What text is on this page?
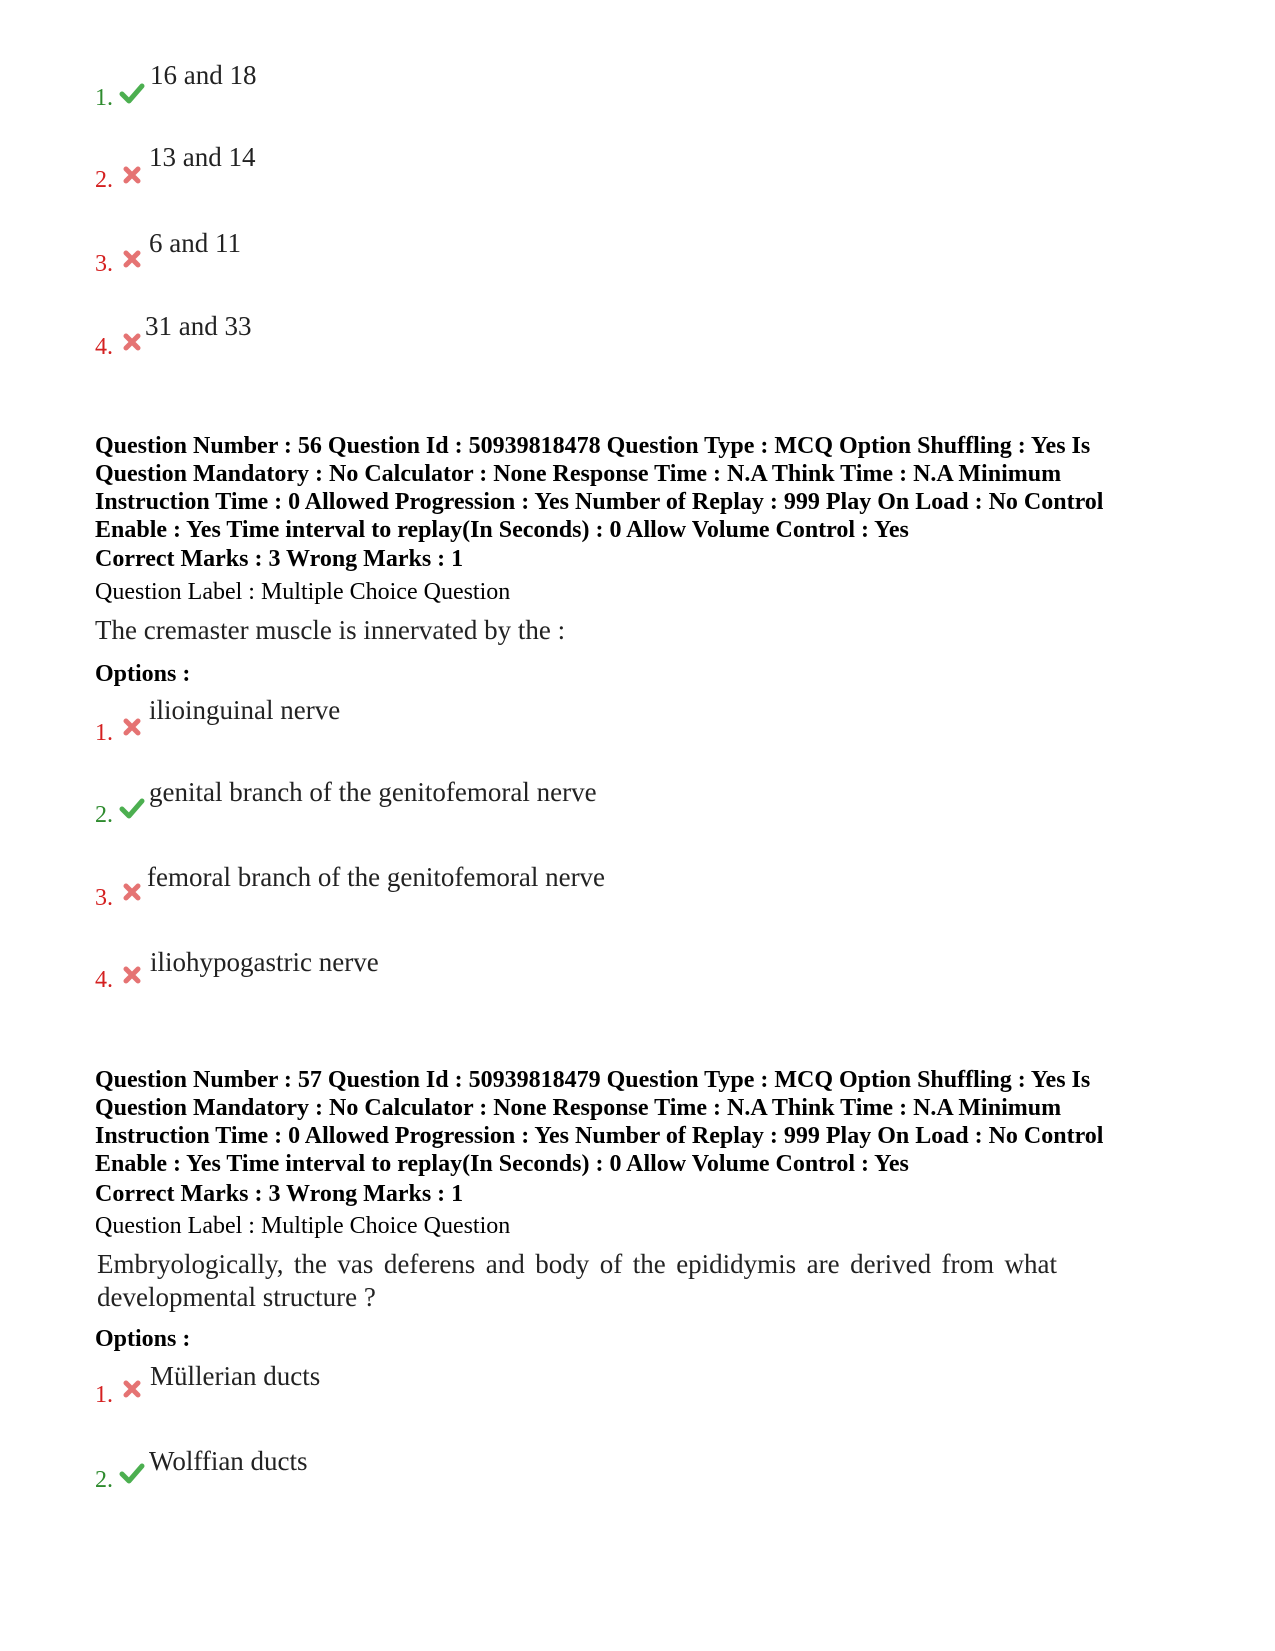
1.
16 and 18
2.
13 and 14
3.
6 and 11
4.
31 and 33
Question Number : 56 Question Id : 50939818478 Question Type : MCQ Option Shuffling : Yes Is
Question Mandatory : No Calculator : None Response Time : N.A Think Time : N.A Minimum
Instruction Time : 0 Allowed Progression : Yes Number of Replay : 999 Play On Load : No Control
Enable : Yes Time interval to replay(In Seconds) : 0 Allow Volume Control : Yes
Correct Marks : 3 Wrong Marks : 1
Question Label : Multiple Choice Question
The cremaster muscle is innervated by the :
Options :
1.
ilioinguinal nerve
2.
genital branch of the genitofemoral nerve
3.
femoral branch of the genitofemoral nerve
4.
iliohypogastric nerve
Question Number : 57 Question Id : 50939818479 Question Type : MCQ Option Shuffling : Yes Is
Question Mandatory : No Calculator : None Response Time : N.A Think Time : N.A Minimum
Instruction Time : 0 Allowed Progression : Yes Number of Replay : 999 Play On Load : No Control
Enable : Yes Time interval to replay(In Seconds) : 0 Allow Volume Control : Yes
Correct Marks : 3 Wrong Marks : 1
Question Label : Multiple Choice Question
Embryologically, the vas deferens and body of the epididymis are derived from what
developmental structure ?
Options :
1.
Müllerian ducts
2.
Wolffian ducts
